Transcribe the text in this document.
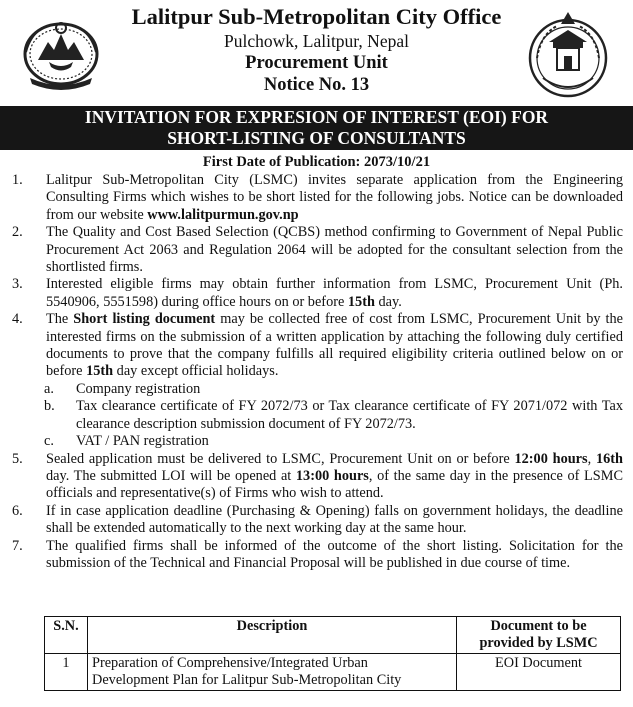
Lalitpur Sub-Metropolitan City Office
Pulchowk, Lalitpur, Nepal
Procurement Unit
Notice No. 13
INVITATION FOR EXPRESION OF INTEREST (EOI) FOR
SHORT-LISTING OF CONSULTANTS
First Date of Publication: 2073/10/21
1. Lalitpur Sub-Metropolitan City (LSMC) invites separate application from the Engineering Consulting Firms which wishes to be short listed for the following jobs. Notice can be downloaded from our website www.lalitpurmun.gov.np
2. The Quality and Cost Based Selection (QCBS) method confirming to Government of Nepal Public Procurement Act 2063 and Regulation 2064 will be adopted for the consultant selection from the shortlisted firms.
3. Interested eligible firms may obtain further information from LSMC, Procurement Unit (Ph. 5540906, 5551598) during office hours on or before 15th day.
4. The Short listing document may be collected free of cost from LSMC, Procurement Unit by the interested firms on the submission of a written application by attaching the following duly certified documents to prove that the company fulfills all required eligibility criteria outlined below on or before 15th day except official holidays.
a. Company registration
b. Tax clearance certificate of FY 2072/73 or Tax clearance certificate of FY 2071/072 with Tax clearance description submission document of FY 2072/73.
c. VAT / PAN registration
5. Sealed application must be delivered to LSMC, Procurement Unit on or before 12:00 hours, 16th day. The submitted LOI will be opened at 13:00 hours, of the same day in the presence of LSMC officials and representative(s) of Firms who wish to attend.
6. If in case application deadline (Purchasing & Opening) falls on government holidays, the deadline shall be extended automatically to the next working day at the same hour.
7. The qualified firms shall be informed of the outcome of the short listing. Solicitation for the submission of the Technical and Financial Proposal will be published in due course of time.
S.N.	Description	Document to be
provided by LSMC

1	Preparation of Comprehensive/Integrated Urban
Development Plan for Lalitpur Sub-Metropolitan City	EOI Document
